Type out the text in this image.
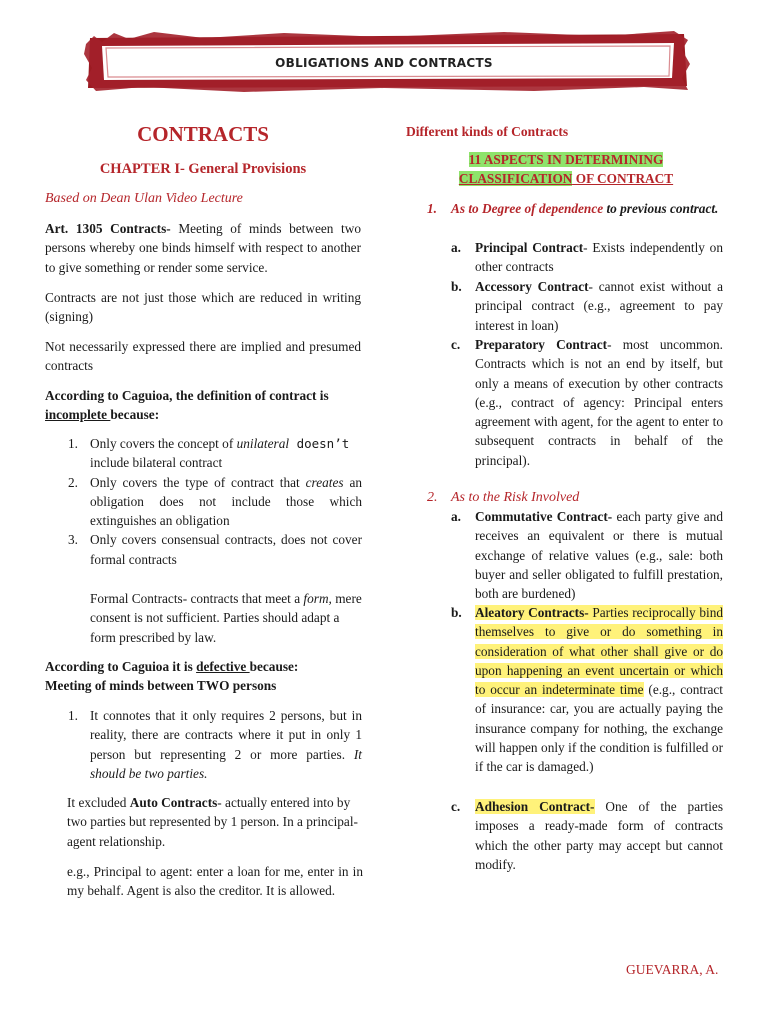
OBLIGATIONS AND CONTRACTS
CONTRACTS
CHAPTER I- General Provisions
Based on Dean Ulan Video Lecture
Art. 1305 Contracts- Meeting of minds between two persons whereby one binds himself with respect to another to give something or render some service.
Contracts are not just those which are reduced in writing (signing)
Not necessarily expressed there are implied and presumed contracts
According to Caguioa, the definition of contract is incomplete because:
1. Only covers the concept of unilateral doesn’t
include bilateral contract
2. Only covers the type of contract that creates an obligation does not include those which extinguishes an obligation
3. Only covers consensual contracts, does not cover formal contracts
Formal Contracts- contracts that meet a form, mere consent is not sufficient. Parties should adapt a form prescribed by law.
According to Caguioa it is defective because:
Meeting of minds between TWO persons
1. It connotes that it only requires 2 persons, but in reality, there are contracts where it put in only 1 person but representing 2 or more parties. It should be two parties.
It excluded Auto Contracts- actually entered into by two parties but represented by 1 person. In a principal- agent relationship.
e.g., Principal to agent: enter a loan for me, enter in in my behalf. Agent is also the creditor. It is allowed.
Different kinds of Contracts
11 ASPECTS IN DETERMINING
CLASSIFICATION OF CONTRACT
1. As to Degree of dependence to previous contract.
a. Principal Contract- Exists independently on other contracts
b. Accessory Contract- cannot exist without a principal contract (e.g., agreement to pay interest in loan)
c. Preparatory Contract- most uncommon. Contracts which is not an end by itself, but only a means of execution by other contracts (e.g., contract of agency: Principal enters agreement with agent, for the agent to enter to subsequent contracts in behalf of the principal).
2. As to the Risk Involved
a. Commutative Contract- each party give and receives an equivalent or there is mutual exchange of relative values (e.g., sale: both buyer and seller obligated to fulfill prestation, both are burdened)
b. Aleatory Contracts- Parties reciprocally bind themselves to give or do something in consideration of what other shall give or do upon happening an event uncertain or which to occur an indeterminate time (e.g., contract of insurance: car, you are actually paying the insurance company for nothing, the exchange will happen only if the condition is fulfilled or if the car is damaged.)
c. Adhesion Contract- One of the parties imposes a ready-made form of contracts which the other party may accept but cannot modify.
GUEVARRA, A.
